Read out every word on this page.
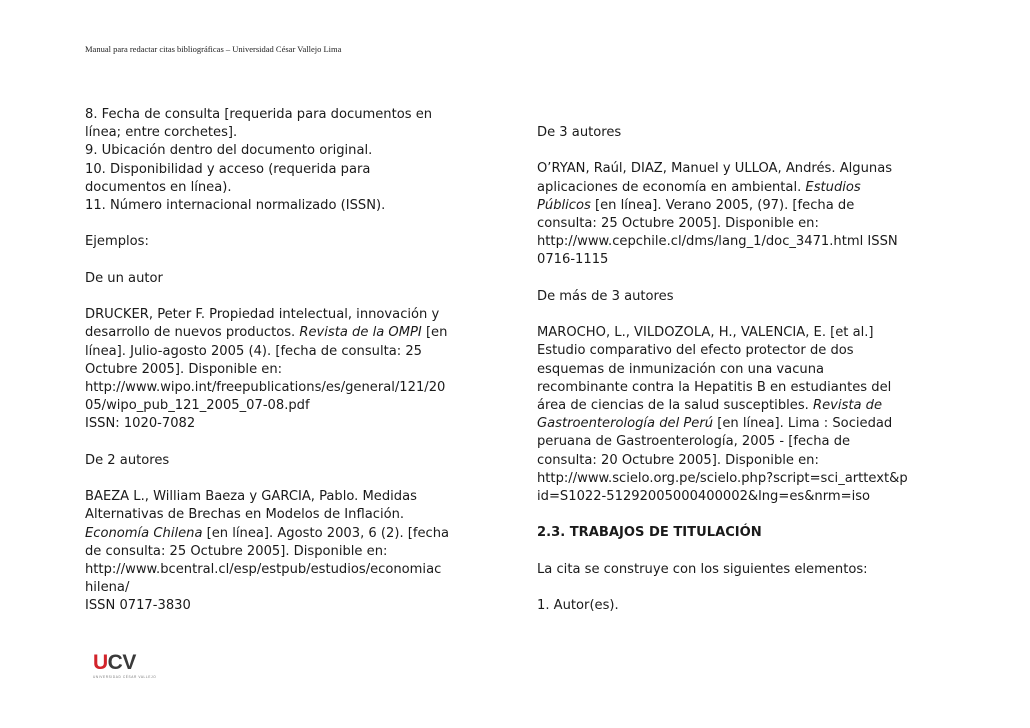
Manual para redactar citas bibliográficas – Universidad César Vallejo Lima

8. Fecha de consulta [requerida para documentos en

línea; entre corchetes].

9. Ubicación dentro del documento original.

10. Disponibilidad y acceso (requerida para

documentos en línea).

11. Número internacional normalizado (ISSN).

Ejemplos:

De un autor

DRUCKER, Peter F. Propiedad intelectual, innovación y

desarrollo de nuevos productos. Revista de la OMPI [en

línea]. Julio-agosto 2005 (4). [fecha de consulta: 25

Octubre 2005]. Disponible en:

http://www.wipo.int/freepublications/es/general/121/20

05/wipo_pub_121_2005_07-08.pdf

ISSN: 1020-7082

De 2 autores

BAEZA L., William Baeza y GARCIA, Pablo. Medidas

Alternativas de Brechas en Modelos de Inflación.

Economía Chilena [en línea]. Agosto 2003, 6 (2). [fecha

de consulta: 25 Octubre 2005]. Disponible en:

http://www.bcentral.cl/esp/estpub/estudios/economiac

hilena/

ISSN 0717-3830

De 3 autores

O’RYAN, Raúl, DIAZ, Manuel y ULLOA, Andrés. Algunas

aplicaciones de economía en ambiental. Estudios

Públicos [en línea]. Verano 2005, (97). [fecha de

consulta: 25 Octubre 2005]. Disponible en:

http://www.cepchile.cl/dms/lang_1/doc_3471.html ISSN

0716-1115

De más de 3 autores

MAROCHO, L., VILDOZOLA, H., VALENCIA, E. [et al.]

Estudio comparativo del efecto protector de dos

esquemas de inmunización con una vacuna

recombinante contra la Hepatitis B en estudiantes del

área de ciencias de la salud susceptibles. Revista de

Gastroenterología del Perú [en línea]. Lima : Sociedad

peruana de Gastroenterología, 2005 - [fecha de

consulta: 20 Octubre 2005]. Disponible en:

http://www.scielo.org.pe/scielo.php?script=sci_arttext&p

id=S1022-51292005000400002&lng=es&nrm=iso

2.3. TRABAJOS DE TITULACIÓN

La cita se construye con los siguientes elementos:

1. Autor(es).

UCV
UNIVERSIDAD CÉSAR VALLEJO
